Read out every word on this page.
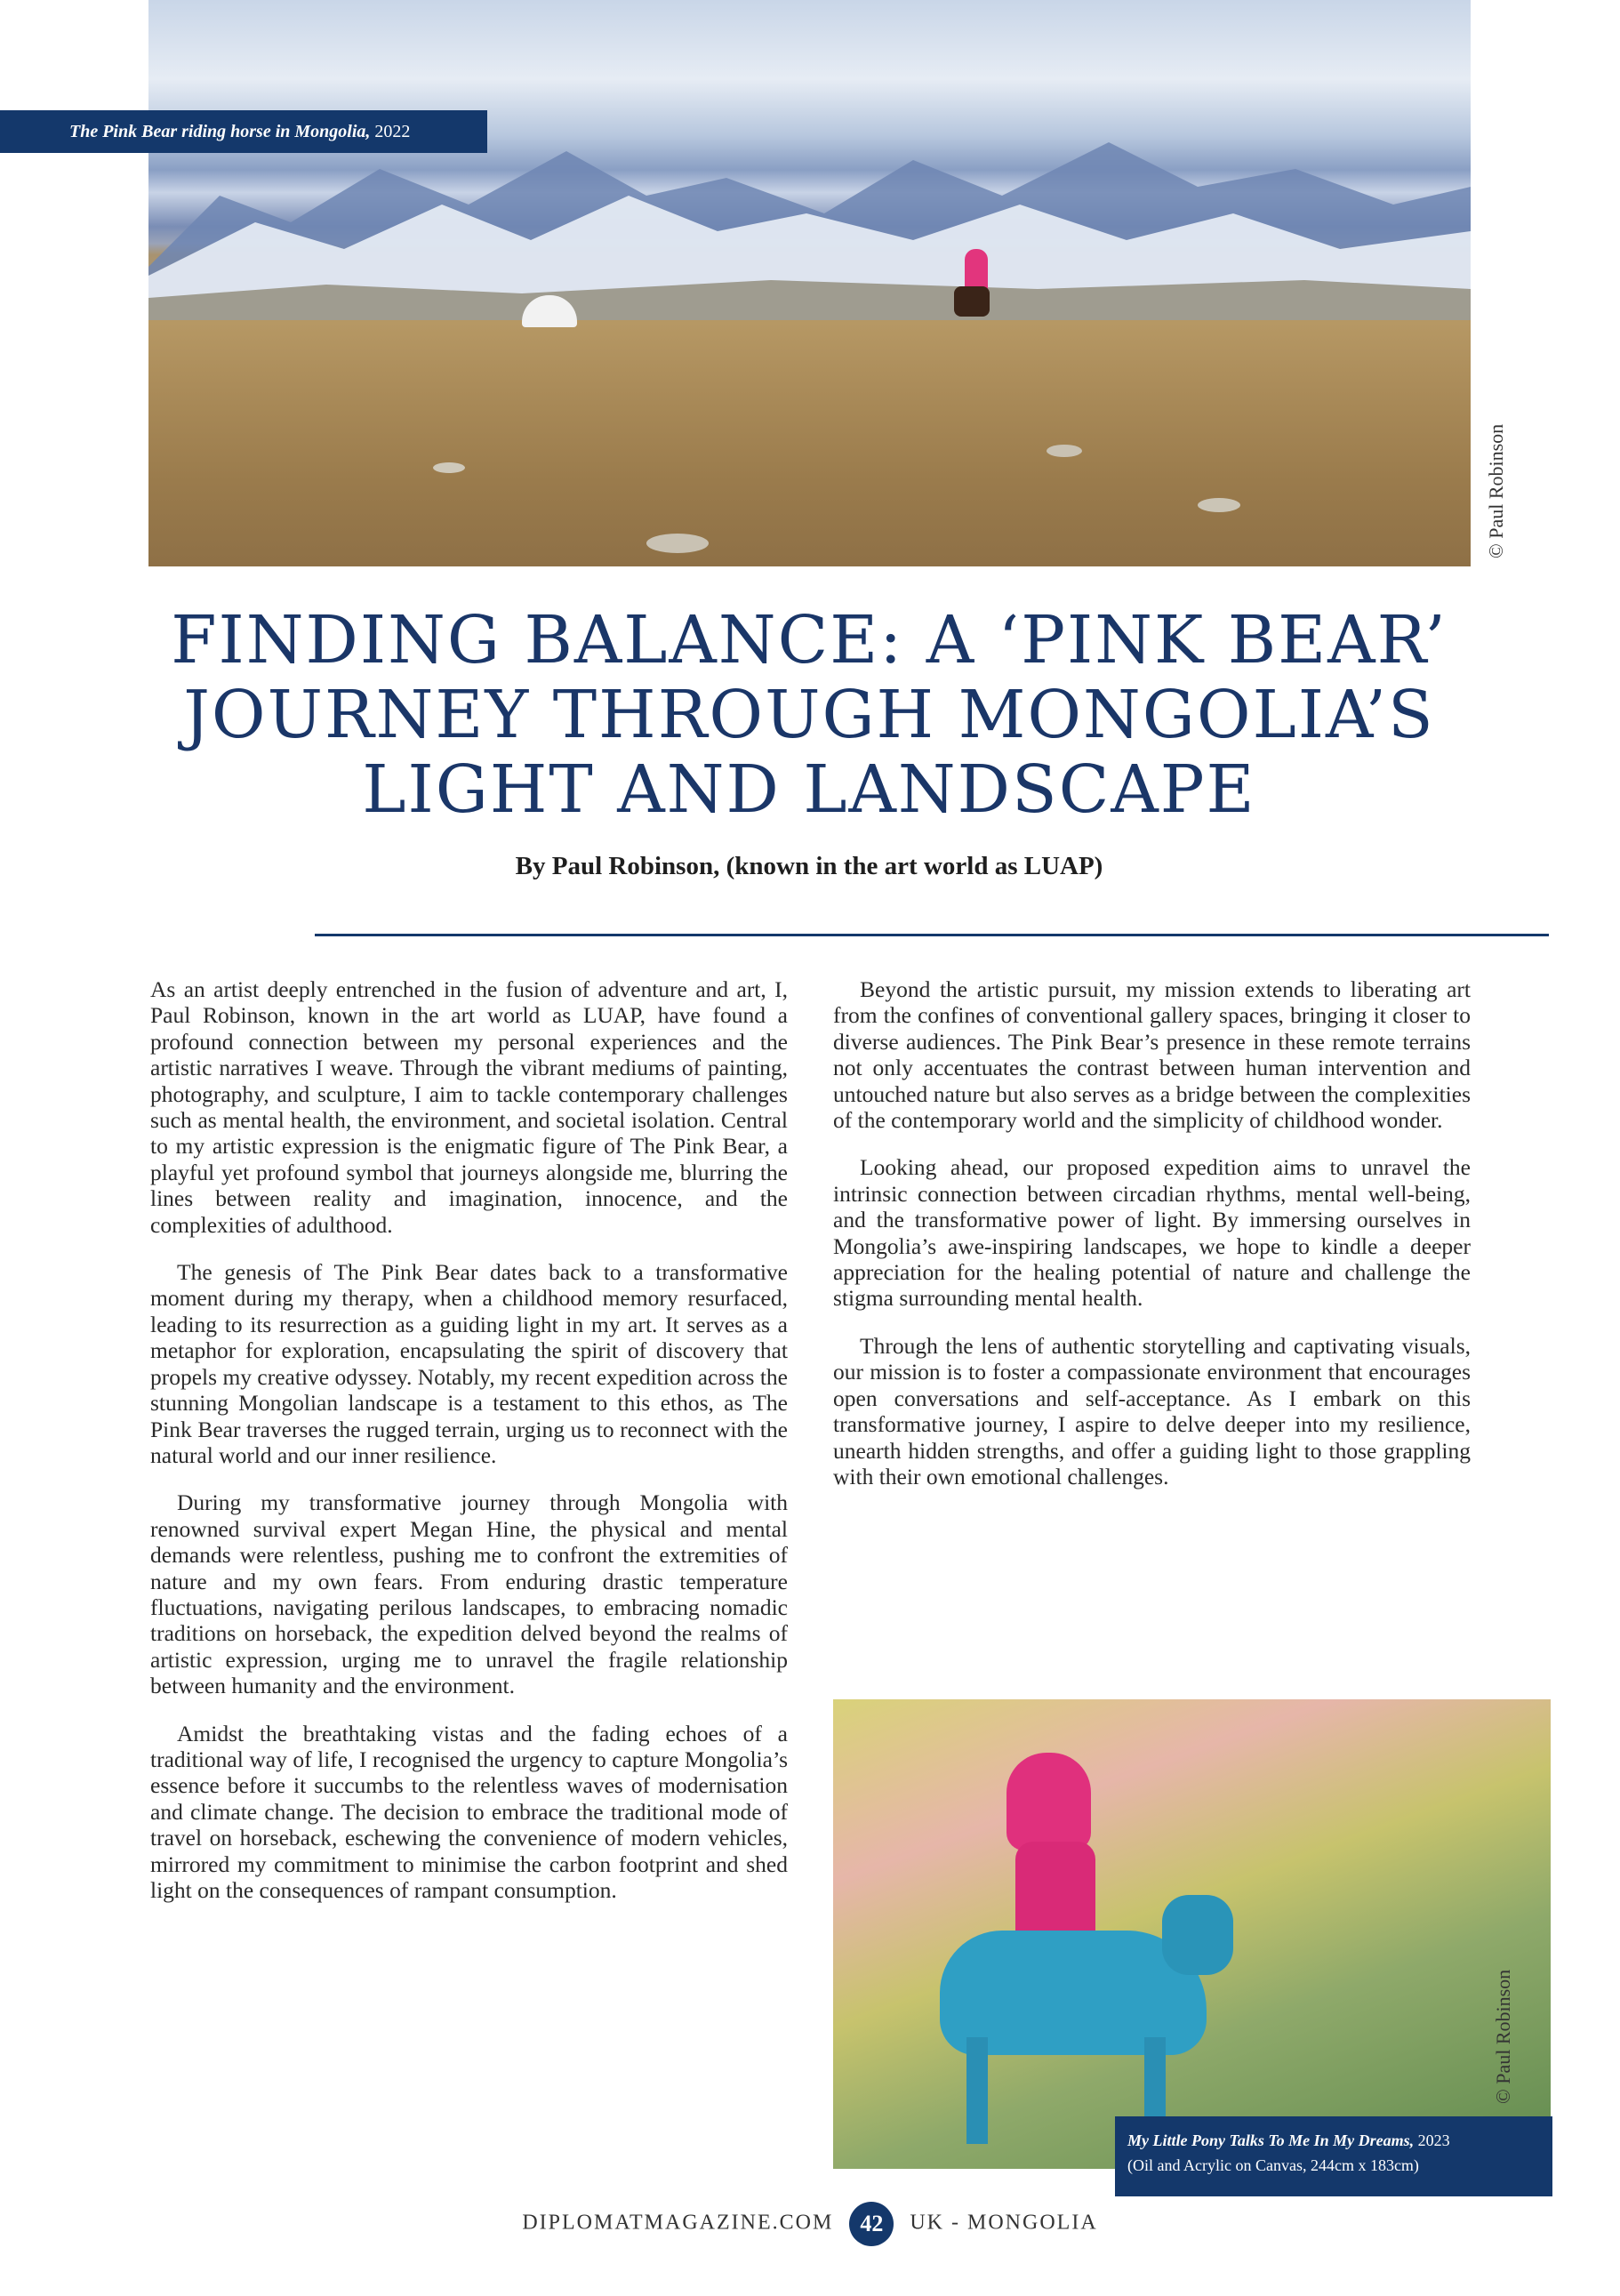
The Pink Bear riding horse in Mongolia, 2022
© Paul Robinson
FINDING BALANCE: A ‘PINK BEAR’
JOURNEY THROUGH MONGOLIA’S
LIGHT AND LANDSCAPE
By Paul Robinson, (known in the art world as LUAP)

As an artist deeply entrenched in the fusion of adventure and art, I, Paul Robinson, known in the art world as LUAP, have found a profound connection between my personal experiences and the artistic narratives I weave. Through the vibrant mediums of painting, photography, and sculpture, I aim to tackle contemporary challenges such as mental health, the environment, and societal isolation. Central to my artistic expression is the enigmatic figure of The Pink Bear, a playful yet profound symbol that journeys alongside me, blurring the lines between reality and imagination, innocence, and the complexities of adulthood.

The genesis of The Pink Bear dates back to a transformative moment during my therapy, when a childhood memory resurfaced, leading to its resurrection as a guiding light in my art. It serves as a metaphor for exploration, encapsulating the spirit of discovery that propels my creative odyssey. Notably, my recent expedition across the stunning Mongolian landscape is a testament to this ethos, as The Pink Bear traverses the rugged terrain, urging us to reconnect with the natural world and our inner resilience.

During my transformative journey through Mongolia with renowned survival expert Megan Hine, the physical and mental demands were relentless, pushing me to confront the extremities of nature and my own fears. From enduring drastic temperature fluctuations, navigating perilous landscapes, to embracing nomadic traditions on horseback, the expedition delved beyond the realms of artistic expression, urging me to unravel the fragile relationship between humanity and the environment.

Amidst the breathtaking vistas and the fading echoes of a traditional way of life, I recognised the urgency to capture Mongolia’s essence before it succumbs to the relentless waves of modernisation and climate change. The decision to embrace the traditional mode of travel on horseback, eschewing the convenience of modern vehicles, mirrored my commitment to minimise the carbon footprint and shed light on the consequences of rampant consumption.

Beyond the artistic pursuit, my mission extends to liberating art from the confines of conventional gallery spaces, bringing it closer to diverse audiences. The Pink Bear’s presence in these remote terrains not only accentuates the contrast between human intervention and untouched nature but also serves as a bridge between the complexities of the contemporary world and the simplicity of childhood wonder.

Looking ahead, our proposed expedition aims to unravel the intrinsic connection between circadian rhythms, mental well-being, and the transformative power of light. By immersing ourselves in Mongolia’s awe-inspiring landscapes, we hope to kindle a deeper appreciation for the healing potential of nature and challenge the stigma surrounding mental health.

Through the lens of authentic storytelling and captivating visuals, our mission is to foster a compassionate environment that encourages open conversations and self-acceptance. As I embark on this transformative journey, I aspire to delve deeper into my resilience, unearth hidden strengths, and offer a guiding light to those grappling with their own emotional challenges.

© Paul Robinson
My Little Pony Talks To Me In My Dreams, 2023
(Oil and Acrylic on Canvas, 244cm x 183cm)
DIPLOMATMAGAZINE.COM 42 UK - MONGOLIA
